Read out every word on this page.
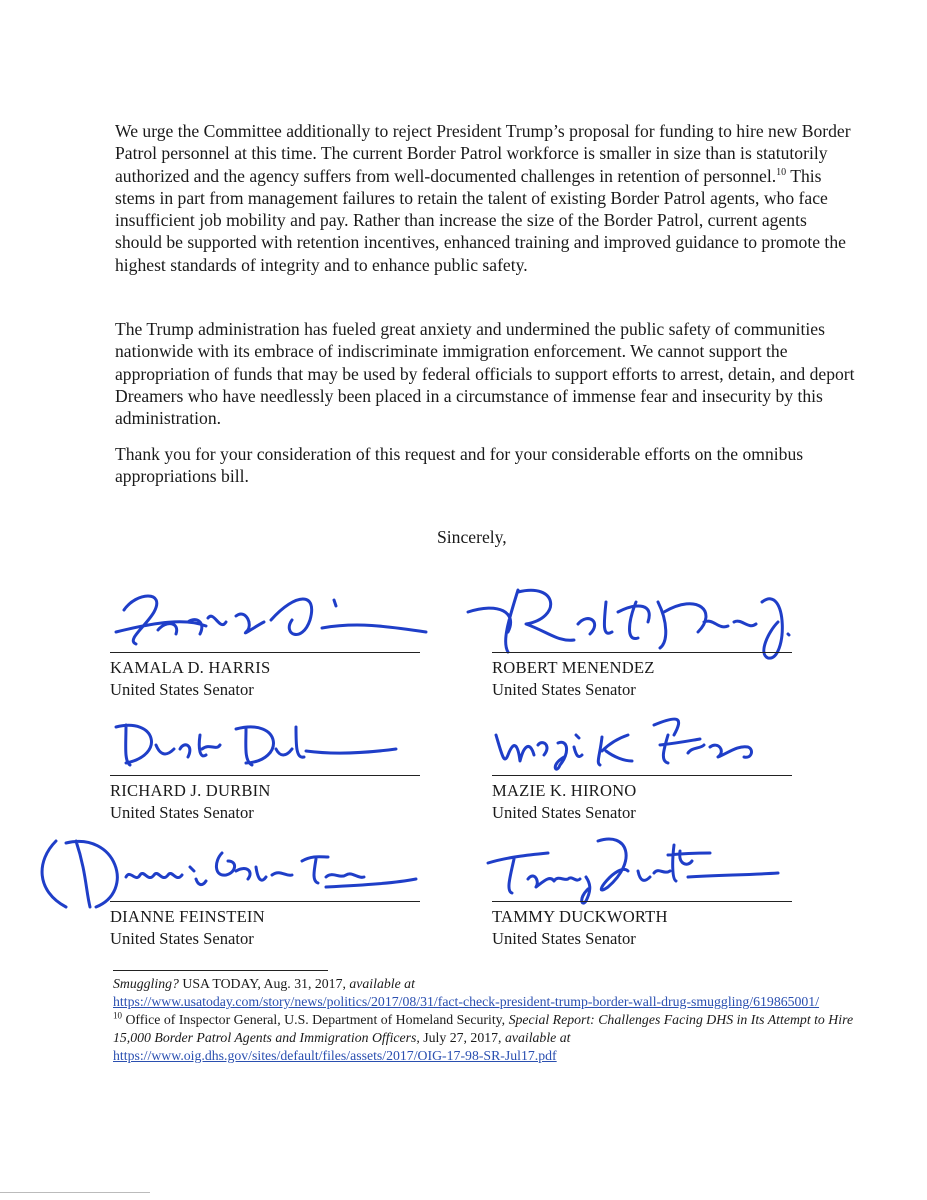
We urge the Committee additionally to reject President Trump’s proposal for funding to hire new Border Patrol personnel at this time. The current Border Patrol workforce is smaller in size than is statutorily authorized and the agency suffers from well-documented challenges in retention of personnel.$^{10}$ This stems in part from management failures to retain the talent of existing Border Patrol agents, who face insufficient job mobility and pay. Rather than increase the size of the Border Patrol, current agents should be supported with retention incentives, enhanced training and improved guidance to promote the highest standards of integrity and to enhance public safety.

The Trump administration has fueled great anxiety and undermined the public safety of communities nationwide with its embrace of indiscriminate immigration enforcement. We cannot support the appropriation of funds that may be used by federal officials to support efforts to arrest, detain, and deport Dreamers who have needlessly been placed in a circumstance of immense fear and insecurity by this administration.

Thank you for your consideration of this request and for your considerable efforts on the omnibus appropriations bill.

Sincerely,
KAMALA D. HARRIS
United States Senator
ROBERT MENENDEZ
United States Senator
RICHARD J. DURBIN
United States Senator
MAZIE K. HIRONO
United States Senator
DIANNE FEINSTEIN
United States Senator
TAMMY DUCKWORTH
United States Senator

Smuggling? USA TODAY, Aug. 31, 2017, available at
https://www.usatoday.com/story/news/politics/2017/08/31/fact-check-president-trump-border-wall-drug-smuggling/619865001/

$^{10}$ Office of Inspector General, U.S. Department of Homeland Security, Special Report: Challenges Facing DHS in Its Attempt to Hire 15,000 Border Patrol Agents and Immigration Officers, July 27, 2017, available at
https://www.oig.dhs.gov/sites/default/files/assets/2017/OIG-17-98-SR-Jul17.pdf
